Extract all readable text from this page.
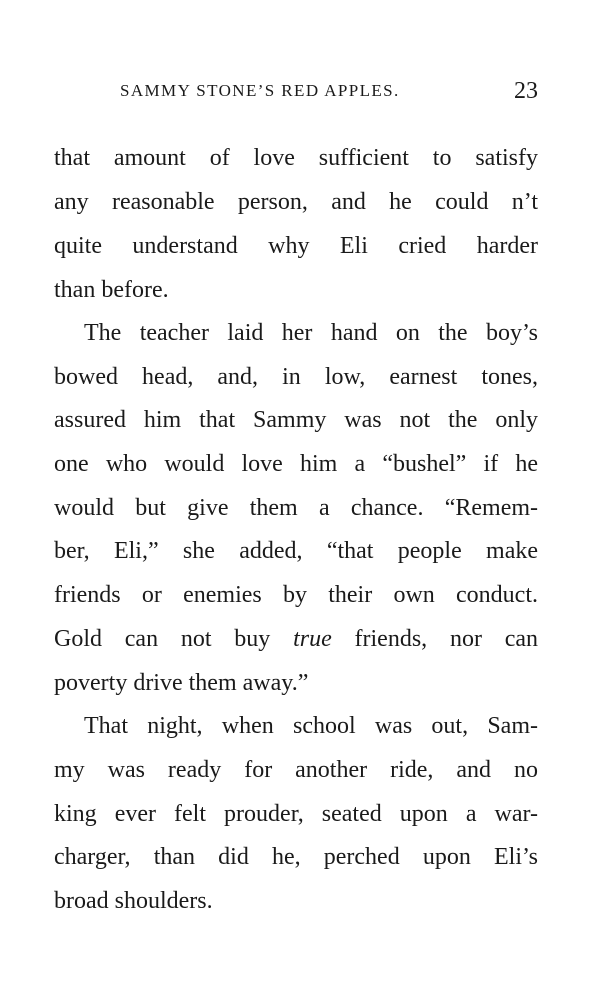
SAMMY STONE’S RED APPLES.	23
that amount of love sufficient to satisfy
any reasonable person, and he could n’t
quite understand why Eli cried harder
than before.
The teacher laid her hand on the boy’s
bowed head, and, in low, earnest tones,
assured him that Sammy was not the only
one who would love him a “bushel” if he
would but give them a chance. “Remem-
ber, Eli,” she added, “that people make
friends or enemies by their own conduct.
Gold can not buy true friends, nor can
poverty drive them away.”
That night, when school was out, Sam-
my was ready for another ride, and no
king ever felt prouder, seated upon a war-
charger, than did he, perched upon Eli’s
broad shoulders.
